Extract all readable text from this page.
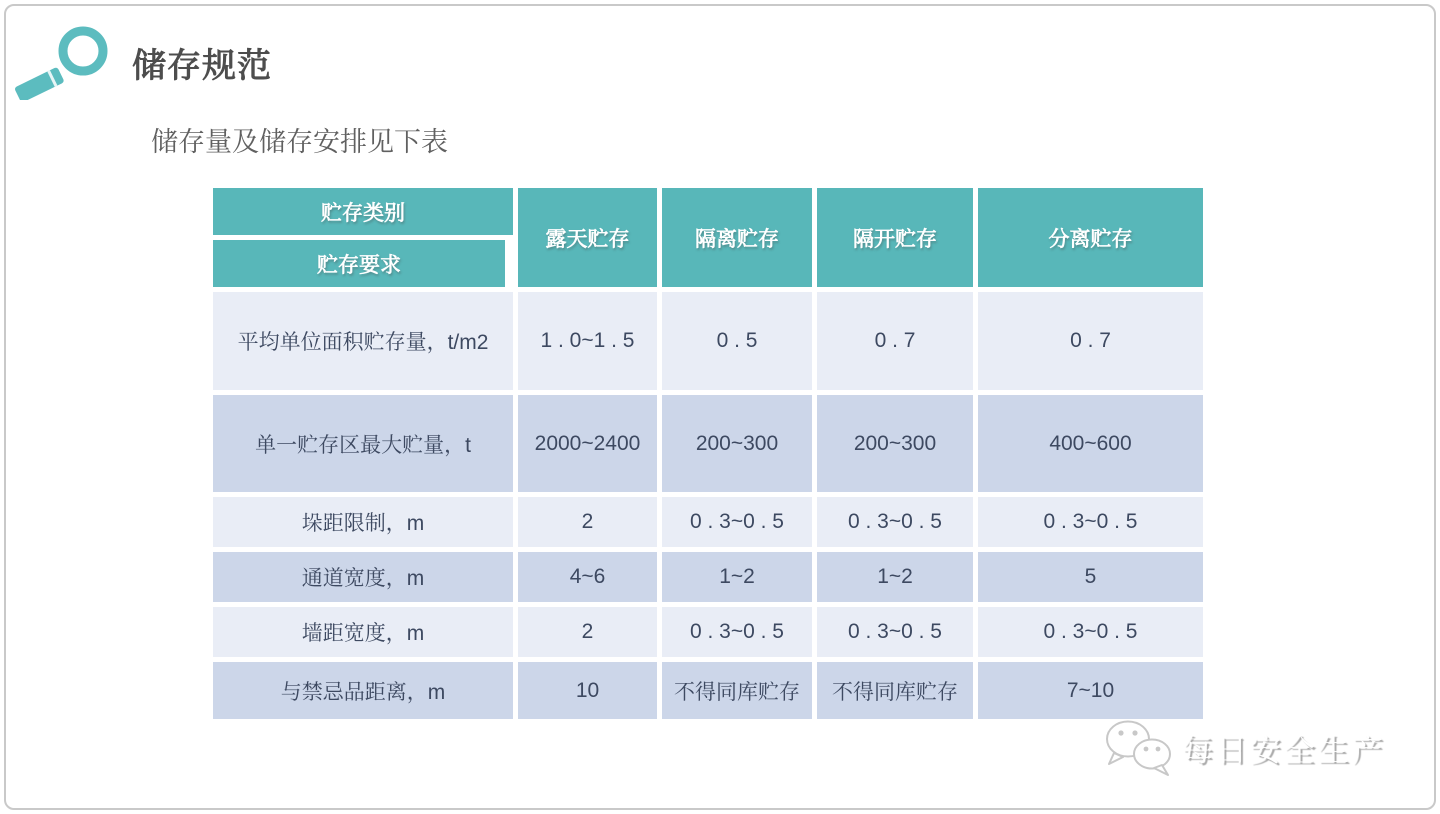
储存规范
储存量及储存安排见下表
贮存类别
贮存要求
露天贮存	隔离贮存	隔开贮存	分离贮存
平均单位面积贮存量，t/m2	1 . 0~1 . 5	0 . 5	0 . 7	0 . 7
单一贮存区最大贮量，t	2000~2400	200~300	200~300	400~600
垛距限制，m	2	0 . 3~0 . 5	0 . 3~0 . 5	0 . 3~0 . 5
通道宽度，m	4~6	1~2	1~2	5
墙距宽度，m	2	0 . 3~0 . 5	0 . 3~0 . 5	0 . 3~0 . 5
与禁忌品距离，m	10	不得同库贮存	不得同库贮存	7~10
每日安全生产
